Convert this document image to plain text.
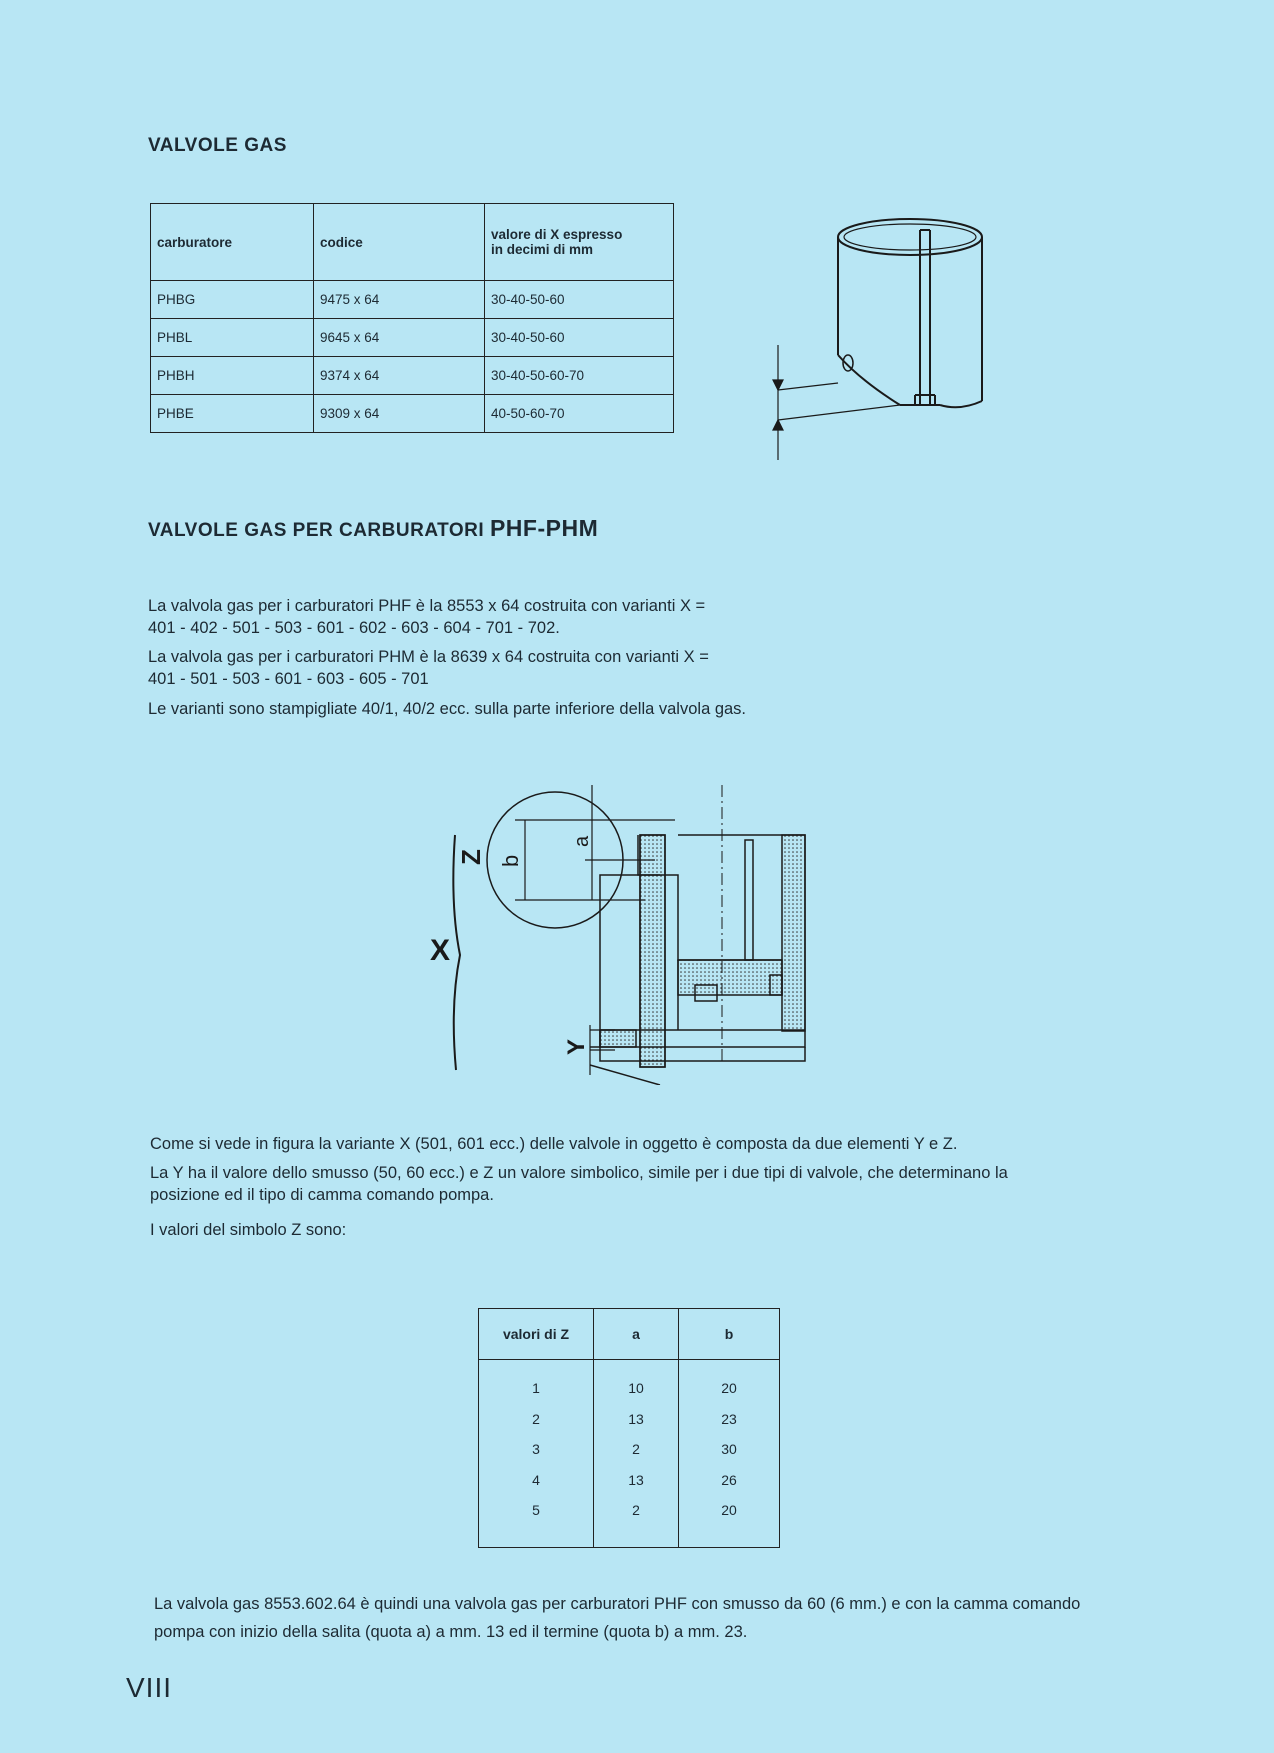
VALVOLE GAS
carburatore	codice	valore di X espresso
in decimi di mm
PHBG	9475 x 64	30-40-50-60
PHBL	9645 x 64	30-40-50-60
PHBH	9374 x 64	30-40-50-60-70
PHBE	9309 x 64	40-50-60-70
VALVOLE GAS PER CARBURATORI PHF-PHM
La valvola gas per i carburatori PHF è la 8553 x 64 costruita con varianti X =
401 - 402 - 501 - 503 - 601 - 602 - 603 - 604 - 701 - 702.
La valvola gas per i carburatori PHM è la 8639 x 64 costruita con varianti X =
401 - 501 - 503 - 601 - 603 - 605 - 701
Le varianti sono stampigliate 40/1, 40/2 ecc. sulla parte inferiore della valvola gas.
X
Z b
a
Y
Come si vede in figura la variante X (501, 601 ecc.) delle valvole in oggetto è composta da due elementi Y e Z.
La Y ha il valore dello smusso (50, 60 ecc.) e Z un valore simbolico, simile per i due tipi di valvole, che determinano la
posizione ed il tipo di camma comando pompa.
I valori del simbolo Z sono:
valori di Z	a	b
1	10	20
2	13	23
3	2	30
4	13	26
5	2	20
La valvola gas 8553.602.64 è quindi una valvola gas per carburatori PHF con smusso da 60 (6 mm.) e con la camma comando
pompa con inizio della salita (quota a) a mm. 13 ed il termine (quota b) a mm. 23.
VIII
